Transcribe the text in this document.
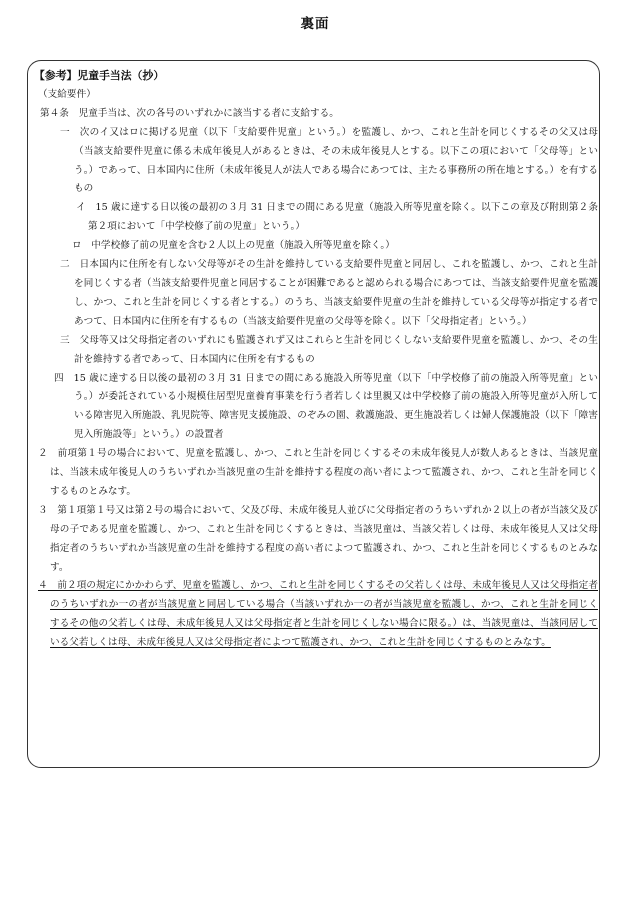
裏面

【参考】児童手当法（抄）

（支給要件）

第４条　児童手当は、次の各号のいずれかに該当する者に支給する。

一　次のイ又はロに掲げる児童（以下「支給要件児童」という。）を監護し、かつ、これと生計を同じくするその父又は母（当該支給要件児童に係る未成年後見人があるときは、その未成年後見人とする。以下この項において「父母等」という。）であって、日本国内に住所（未成年後見人が法人である場合にあつては、主たる事務所の所在地とする。）を有するもの

イ　15 歳に達する日以後の最初の３月 31 日までの間にある児童（施設入所等児童を除く。以下この章及び附則第２条第２項において「中学校修了前の児童」という。）

ロ　中学校修了前の児童を含む２人以上の児童（施設入所等児童を除く。）

二　日本国内に住所を有しない父母等がその生計を維持している支給要件児童と同居し、これを監護し、かつ、これと生計を同じくする者（当該支給要件児童と同居することが困難であると認められる場合にあつては、当該支給要件児童を監護し、かつ、これと生計を同じくする者とする。）のうち、当該支給要件児童の生計を維持している父母等が指定する者であつて、日本国内に住所を有するもの（当該支給要件児童の父母等を除く。以下「父母指定者」という。）

三　父母等又は父母指定者のいずれにも監護されず又はこれらと生計を同じくしない支給要件児童を監護し、かつ、その生計を維持する者であって、日本国内に住所を有するもの

四　15 歳に達する日以後の最初の３月 31 日までの間にある施設入所等児童（以下「中学校修了前の施設入所等児童」という。）が委託されている小規模住居型児童養育事業を行う者若しくは里親又は中学校修了前の施設入所等児童が入所している障害児入所施設、乳児院等、障害児支援施設、のぞみの園、救護施設、更生施設若しくは婦人保護施設（以下「障害児入所施設等」という。）の設置者

２　前項第１号の場合において、児童を監護し、かつ、これと生計を同じくするその未成年後見人が数人あるときは、当該児童は、当該未成年後見人のうちいずれか当該児童の生計を維持する程度の高い者によつて監護され、かつ、これと生計を同じくするものとみなす。

３　第１項第１号又は第２号の場合において、父及び母、未成年後見人並びに父母指定者のうちいずれか２以上の者が当該父及び母の子である児童を監護し、かつ、これと生計を同じくするときは、当該児童は、当該父若しくは母、未成年後見人又は父母指定者のうちいずれか当該児童の生計を維持する程度の高い者によつて監護され、かつ、これと生計を同じくするものとみなす。

４　前２項の規定にかかわらず、児童を監護し、かつ、これと生計を同じくするその父若しくは母、未成年後見人又は父母指定者のうちいずれか一の者が当該児童と同居している場合（当該いずれか一の者が当該児童を監護し、かつ、これと生計を同じくするその他の父若しくは母、未成年後見人又は父母指定者と生計を同じくしない場合に限る。）は、当該児童は、当該同居している父若しくは母、未成年後見人又は父母指定者によつて監護され、かつ、これと生計を同じくするものとみなす。
